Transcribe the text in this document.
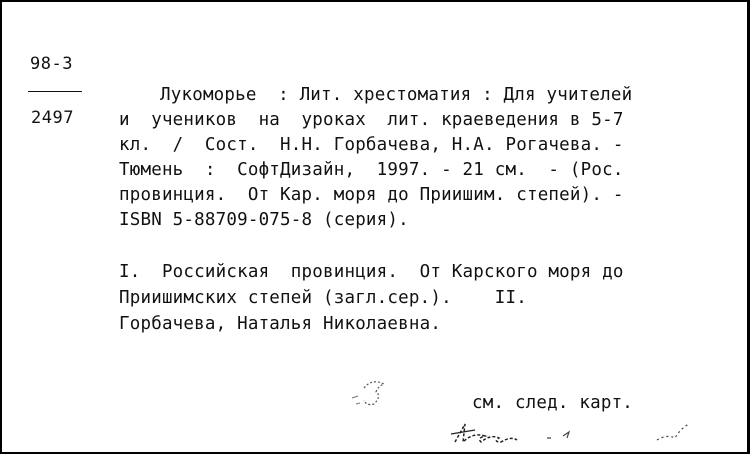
98-3
2497
Лукоморье  : Лит. хрестоматия : Для учителей
и  учеников  на  уроках  лит. краеведения в 5-7
кл.  /  Сост.  Н.Н. Горбачева, Н.А. Рогачева. -
Тюмень  :  СофтДизайн,  1997. - 21 см.  - (Рос.
провинция.  От Кар. моря до Приишим. степей). -
ISBN 5-88709-075-8 (серия).
I.  Российская  провинция.  От Карского моря до
Приишимских степей (загл.сер.).    II.
Горбачева, Наталья Николаевна.
см. след. карт.
